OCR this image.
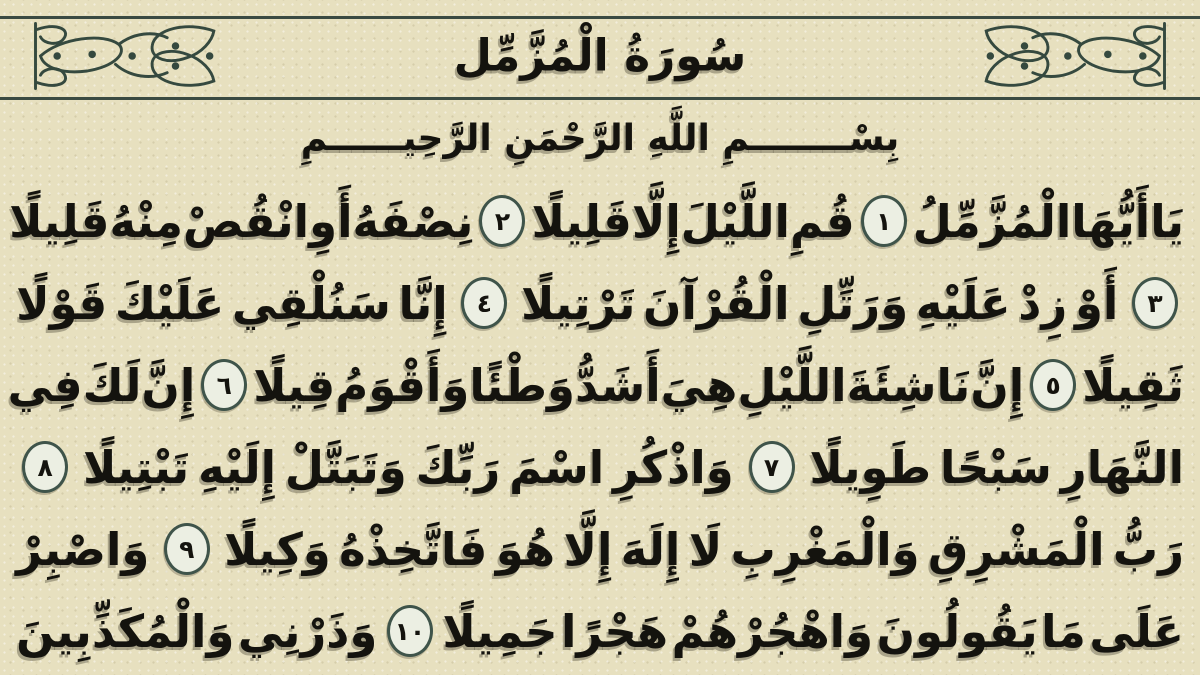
سُورَةُ الْمُزَّمِّل
بِسْــــــــمِ اللَّهِ الرَّحْمَنِ الرَّحِيــــــمِ
يَا
أَيُّهَا
الْمُزَّمِّلُ
١
قُمِ
اللَّيْلَ
إِلَّا
قَلِيلًا
٢
نِصْفَهُ
أَوِ
انْقُصْ
مِنْهُ
قَلِيلًا
٣
أَوْ
زِدْ
عَلَيْهِ
وَرَتِّلِ
الْقُرْآنَ
تَرْتِيلًا
٤
إِنَّا
سَنُلْقِي
عَلَيْكَ
قَوْلًا
ثَقِيلًا
٥
إِنَّ
نَاشِئَةَ
اللَّيْلِ
هِيَ
أَشَدُّ
وَطْئًا
وَأَقْوَمُ
قِيلًا
٦
إِنَّ
لَكَ
فِي
النَّهَارِ
سَبْحًا
طَوِيلًا
٧
وَاذْكُرِ
اسْمَ
رَبِّكَ
وَتَبَتَّلْ
إِلَيْهِ
تَبْتِيلًا
٨
رَبُّ
الْمَشْرِقِ
وَالْمَغْرِبِ
لَا
إِلَهَ
إِلَّا
هُوَ
فَاتَّخِذْهُ
وَكِيلًا
٩
وَاصْبِرْ
عَلَى
مَا
يَقُولُونَ
وَاهْجُرْهُمْ
هَجْرًا
جَمِيلًا
١٠
وَذَرْنِي
وَالْمُكَذِّبِينَ
